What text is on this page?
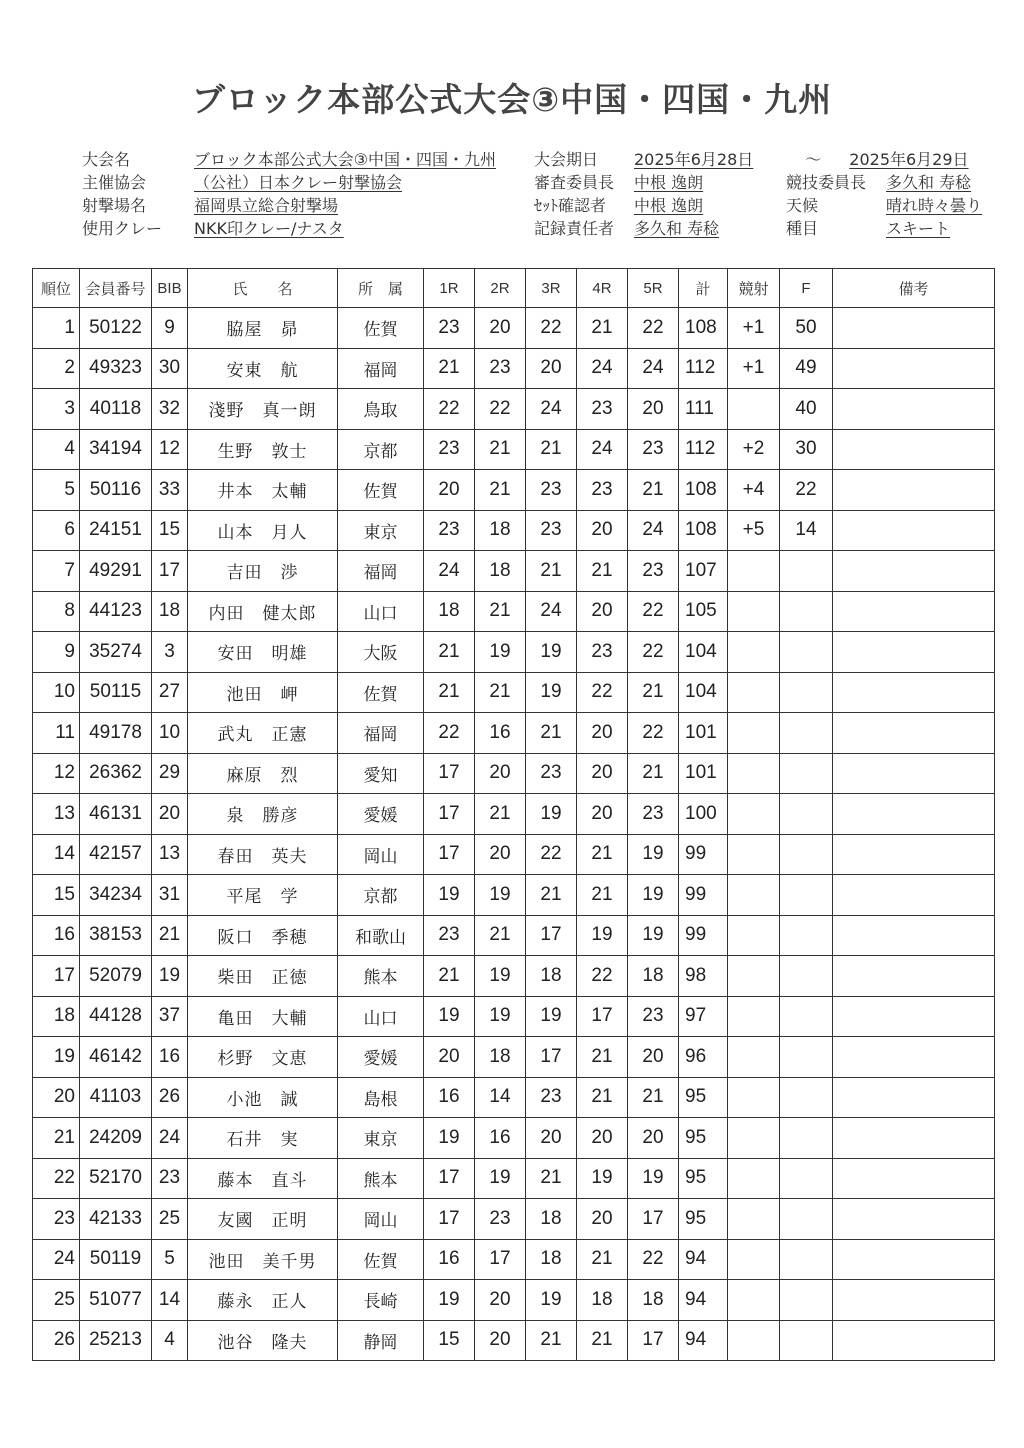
ブロック本部公式大会③中国・四国・九州
大会名	ブロック本部公式大会③中国・四国・九州
主催協会	（公社）日本クレー射撃協会
射撃場名	福岡県立総合射撃場
使用クレー	NKK印クレー/ナスタ
大会期日	2025年6月28日	～ 2025年6月29日
審査委員長	中根 逸朗
ｾｯﾄ確認者	中根 逸朗
記録責任者	多久和 寿稔
競技委員長	多久和 寿稔
天候	晴れ時々曇り
種目	スキート
順位	会員番号	BIB	氏　　名	所　属	1R	2R	3R	4R	5R	計	競射	F	備考
1	50122	9	脇屋　昴	佐賀	23	20	22	21	22	108	+1	50	
2	49323	30	安東　航	福岡	21	23	20	24	24	112	+1	49	
3	40118	32	淺野　真一朗	鳥取	22	22	24	23	20	111		40	
4	34194	12	生野　敦士	京都	23	21	21	24	23	112	+2	30	
5	50116	33	井本　太輔	佐賀	20	21	23	23	21	108	+4	22	
6	24151	15	山本　月人	東京	23	18	23	20	24	108	+5	14	
7	49291	17	吉田　渉	福岡	24	18	21	21	23	107			
8	44123	18	内田　健太郎	山口	18	21	24	20	22	105			
9	35274	3	安田　明雄	大阪	21	19	19	23	22	104			
10	50115	27	池田　岬	佐賀	21	21	19	22	21	104			
11	49178	10	武丸　正憲	福岡	22	16	21	20	22	101			
12	26362	29	麻原　烈	愛知	17	20	23	20	21	101			
13	46131	20	泉　勝彦	愛媛	17	21	19	20	23	100			
14	42157	13	春田　英夫	岡山	17	20	22	21	19	99			
15	34234	31	平尾　学	京都	19	19	21	21	19	99			
16	38153	21	阪口　季穂	和歌山	23	21	17	19	19	99			
17	52079	19	柴田　正徳	熊本	21	19	18	22	18	98			
18	44128	37	亀田　大輔	山口	19	19	19	17	23	97			
19	46142	16	杉野　文恵	愛媛	20	18	17	21	20	96			
20	41103	26	小池　誠	島根	16	14	23	21	21	95			
21	24209	24	石井　実	東京	19	16	20	20	20	95			
22	52170	23	藤本　直斗	熊本	17	19	21	19	19	95			
23	42133	25	友國　正明	岡山	17	23	18	20	17	95			
24	50119	5	池田　美千男	佐賀	16	17	18	21	22	94			
25	51077	14	藤永　正人	長崎	19	20	19	18	18	94			
26	25213	4	池谷　隆夫	静岡	15	20	21	21	17	94			
